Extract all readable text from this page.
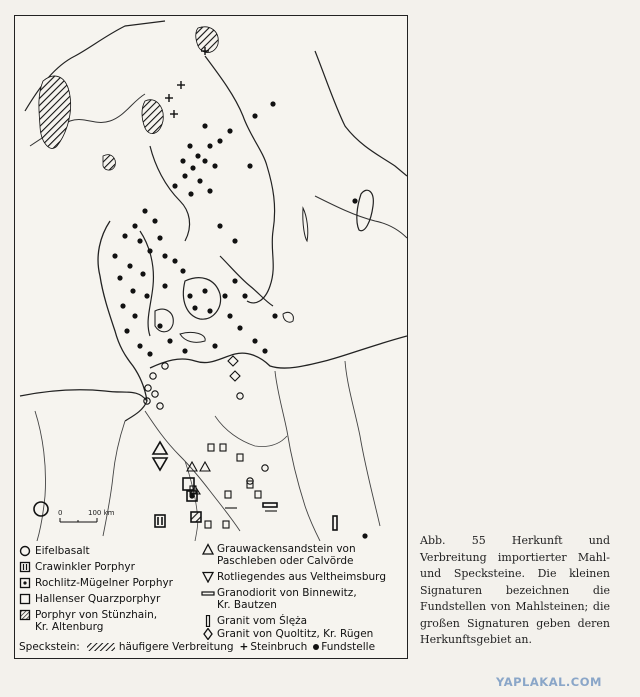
0	100 km
Eifelbasalt
Crawinkler Porphyr
Rochlitz-Mügelner Porphyr
Hallenser Quarzporphyr
Porphyr von Stünzhain,
Kr. Altenburg
Grauwackensandstein von
Paschleben oder Calvörde
Rotliegendes aus Veltheimsburg
Granodiorit von Binnewitz,
Kr. Bautzen
Granit vom Ślęża
Granit von Quoltitz, Kr. Rügen
Speckstein:	häufigere Verbreitung + Steinbruch Fundstelle
Abb. 55 Herkunft und Verbreitung importierter Mahl- und Specksteine. Die kleinen Signaturen bezeichnen die Fundstellen von Mahlsteinen; die großen Signaturen geben deren Herkunftsgebiet an.
YAPLAKAL.COM
